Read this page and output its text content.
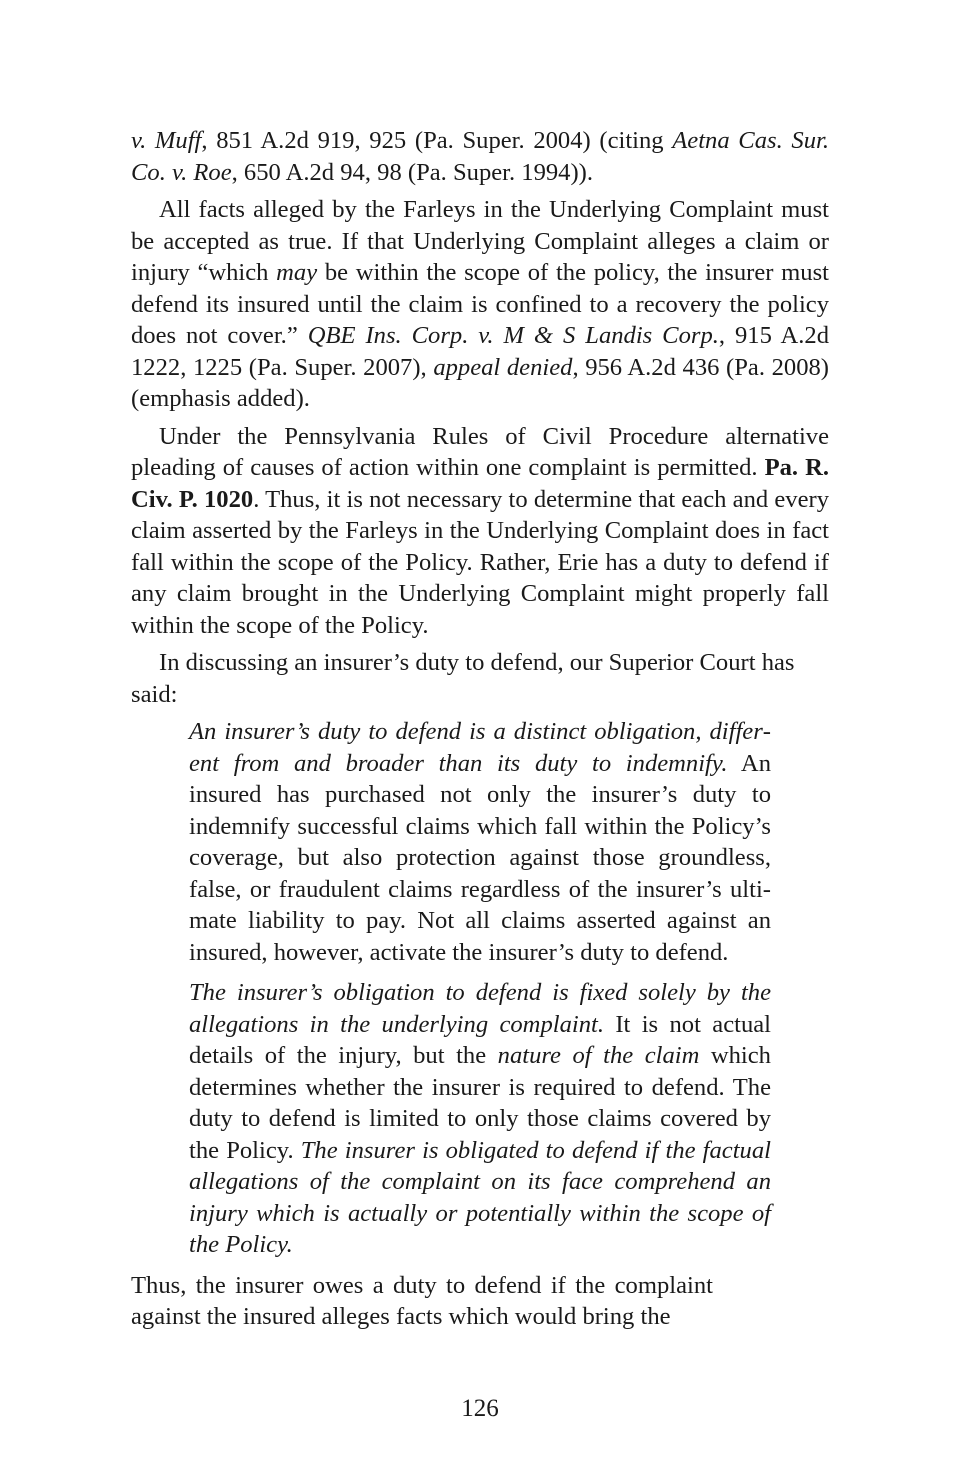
v. Muff, 851 A.2d 919, 925 (Pa. Super. 2004) (citing Aetna Cas. Sur. Co. v. Roe, 650 A.2d 94, 98 (Pa. Super. 1994)).

All facts alleged by the Farleys in the Underlying Complaint must be accepted as true. If that Underlying Complaint alleges a claim or injury “which may be within the scope of the policy, the insurer must defend its insured until the claim is confined to a recovery the policy does not cover.” QBE Ins. Corp. v. M & S Landis Corp., 915 A.2d 1222, 1225 (Pa. Super. 2007), appeal denied, 956 A.2d 436 (Pa. 2008) (emphasis added).

Under the Pennsylvania Rules of Civil Procedure alternative pleading of causes of action within one complaint is permitted. Pa. R. Civ. P. 1020. Thus, it is not necessary to determine that each and every claim asserted by the Farleys in the Underlying Complaint does in fact fall within the scope of the Policy. Rather, Erie has a duty to defend if any claim brought in the Underlying Complaint might properly fall within the scope of the Policy.

In discussing an insurer’s duty to defend, our Superior Court has said:

An insurer’s duty to defend is a distinct obligation, different from and broader than its duty to indemnify. An insured has purchased not only the insurer’s duty to indemnify successful claims which fall within the Policy’s coverage, but also protection against those groundless, false, or fraudulent claims regardless of the insurer’s ultimate liability to pay. Not all claims asserted against an insured, however, activate the insurer’s duty to defend.

The insurer’s obligation to defend is fixed solely by the allegations in the underlying complaint. It is not actual details of the injury, but the nature of the claim which determines whether the insurer is required to defend. The duty to defend is limited to only those claims covered by the Policy. The insurer is obligated to defend if the factual allegations of the complaint on its face comprehend an injury which is actually or potentially within the scope of the Policy.

Thus, the insurer owes a duty to defend if the complaint against the insured alleges facts which would bring the

126
